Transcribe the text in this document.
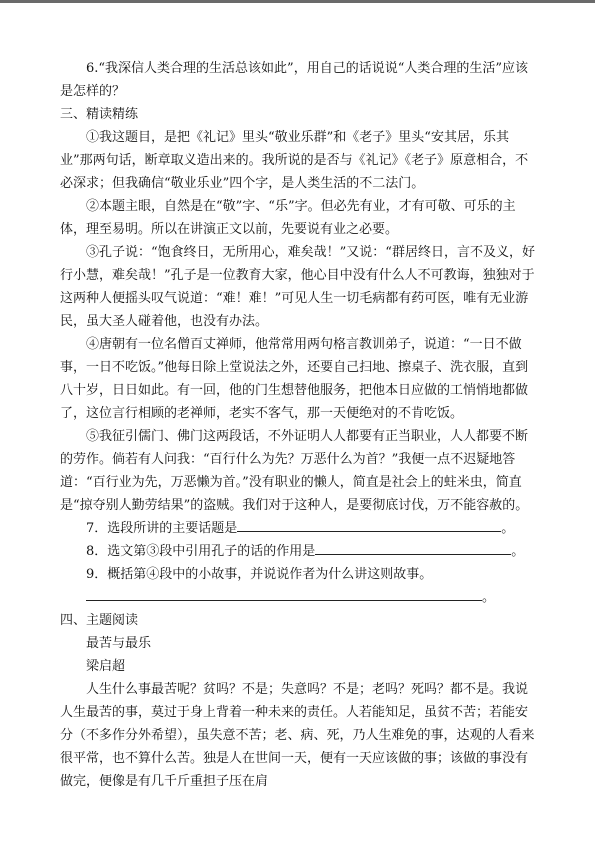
6.“我深信人类合理的生活总该如此”，用自己的话说说“人类合理的生活”应该是怎样的？

三、精读精练

①我这题目，是把《礼记》里头“敬业乐群”和《老子》里头“安其居，乐其业”那两句话，断章取义造出来的。我所说的是否与《礼记》《老子》原意相合，不必深求；但我确信“敬业乐业”四个字，是人类生活的不二法门。

②本题主眼，自然是在“敬”字、“乐”字。但必先有业，才有可敬、可乐的主体，理至易明。所以在讲演正文以前，先要说有业之必要。

③孔子说：“饱食终日，无所用心，难矣哉！”又说：“群居终日，言不及义，好行小慧，难矣哉！”孔子是一位教育大家，他心目中没有什么人不可教诲，独独对于这两种人便摇头叹气说道：“难！难！”可见人生一切毛病都有药可医，唯有无业游民，虽大圣人碰着他，也没有办法。

④唐朝有一位名僧百丈禅师，他常常用两句格言教训弟子，说道：“一日不做事，一日不吃饭。”他每日除上堂说法之外，还要自己扫地、擦桌子、洗衣服，直到八十岁，日日如此。有一回，他的门生想替他服务，把他本日应做的工悄悄地都做了，这位言行相顾的老禅师，老实不客气，那一天便绝对的不肯吃饭。

⑤我征引儒门、佛门这两段话，不外证明人人都要有正当职业，人人都要不断的劳作。倘若有人问我：“百行什么为先？万恶什么为首？”我便一点不迟疑地答道：“百行业为先，万恶懒为首。”没有职业的懒人，简直是社会上的蛀米虫，简直是“掠夺别人勤劳结果”的盗贼。我们对于这种人，是要彻底讨伐，万不能容赦的。

7．选段所讲的主要话题是	。

8．选文第③段中引用孔子的话的作用是	。

9．概括第④段中的小故事，并说说作者为什么讲这则故事。

。

四、主题阅读

最苦与最乐

梁启超

人生什么事最苦呢？贫吗？不是；失意吗？不是；老吗？死吗？都不是。我说人生最苦的事，莫过于身上背着一种未来的责任。人若能知足，虽贫不苦；若能安分（不多作分外希望），虽失意不苦；老、病、死，乃人生难免的事，达观的人看来很平常，也不算什么苦。独是人在世间一天，便有一天应该做的事；该做的事没有做完，便像是有几千斤重担子压在肩
